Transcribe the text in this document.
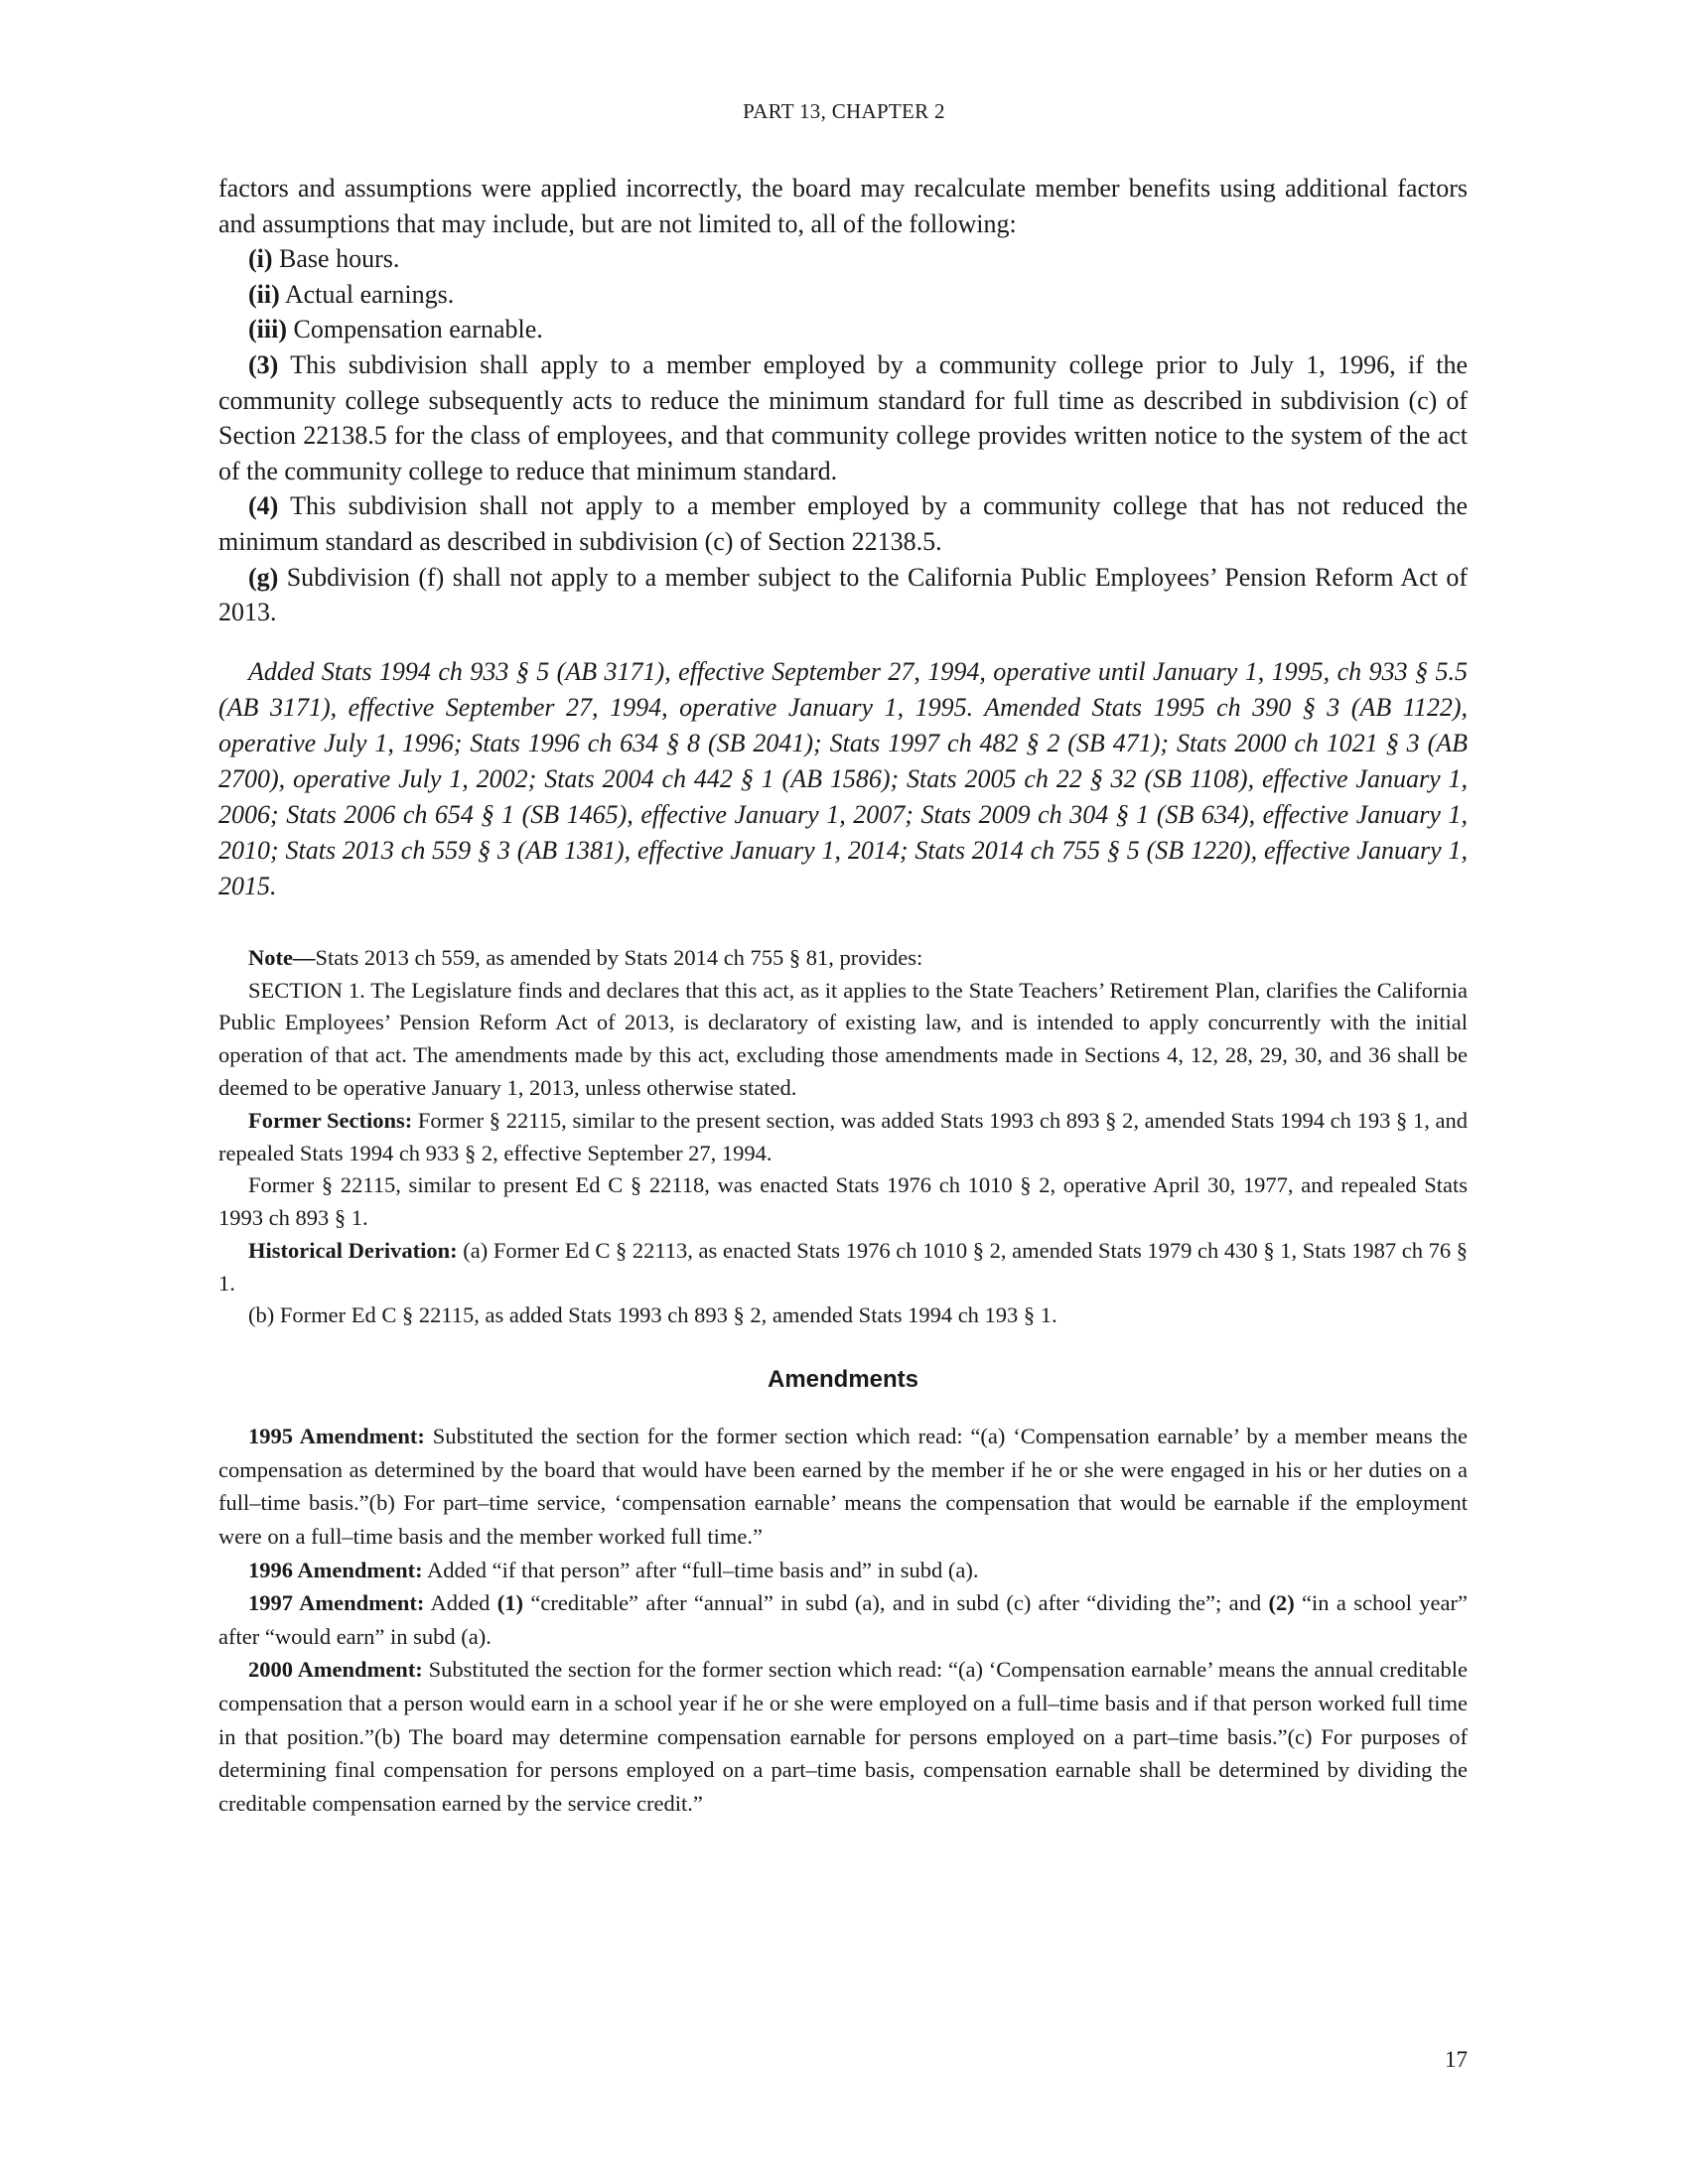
PART 13, CHAPTER 2

factors and assumptions were applied incorrectly, the board may recalculate member benefits using additional factors and assumptions that may include, but are not limited to, all of the following:

(i) Base hours.

(ii) Actual earnings.

(iii) Compensation earnable.

(3) This subdivision shall apply to a member employed by a community college prior to July 1, 1996, if the community college subsequently acts to reduce the minimum standard for full time as described in subdivision (c) of Section 22138.5 for the class of employees, and that community college provides written notice to the system of the act of the community college to reduce that minimum standard.

(4) This subdivision shall not apply to a member employed by a community college that has not reduced the minimum standard as described in subdivision (c) of Section 22138.5.

(g) Subdivision (f) shall not apply to a member subject to the California Public Employees’ Pension Reform Act of 2013.

Added Stats 1994 ch 933 § 5 (AB 3171), effective September 27, 1994, operative until January 1, 1995, ch 933 § 5.5 (AB 3171), effective September 27, 1994, operative January 1, 1995. Amended Stats 1995 ch 390 § 3 (AB 1122), operative July 1, 1996; Stats 1996 ch 634 § 8 (SB 2041); Stats 1997 ch 482 § 2 (SB 471); Stats 2000 ch 1021 § 3 (AB 2700), operative July 1, 2002; Stats 2004 ch 442 § 1 (AB 1586); Stats 2005 ch 22 § 32 (SB 1108), effective January 1, 2006; Stats 2006 ch 654 § 1 (SB 1465), effective January 1, 2007; Stats 2009 ch 304 § 1 (SB 634), effective January 1, 2010; Stats 2013 ch 559 § 3 (AB 1381), effective January 1, 2014; Stats 2014 ch 755 § 5 (SB 1220), effective January 1, 2015.

Note—Stats 2013 ch 559, as amended by Stats 2014 ch 755 § 81, provides:

SECTION 1. The Legislature finds and declares that this act, as it applies to the State Teachers’ Retirement Plan, clarifies the California Public Employees’ Pension Reform Act of 2013, is declaratory of existing law, and is intended to apply concurrently with the initial operation of that act. The amendments made by this act, excluding those amendments made in Sections 4, 12, 28, 29, 30, and 36 shall be deemed to be operative January 1, 2013, unless otherwise stated.

Former Sections: Former § 22115, similar to the present section, was added Stats 1993 ch 893 § 2, amended Stats 1994 ch 193 § 1, and repealed Stats 1994 ch 933 § 2, effective September 27, 1994.

Former § 22115, similar to present Ed C § 22118, was enacted Stats 1976 ch 1010 § 2, operative April 30, 1977, and repealed Stats 1993 ch 893 § 1.

Historical Derivation: (a) Former Ed C § 22113, as enacted Stats 1976 ch 1010 § 2, amended Stats 1979 ch 430 § 1, Stats 1987 ch 76 § 1.

(b) Former Ed C § 22115, as added Stats 1993 ch 893 § 2, amended Stats 1994 ch 193 § 1.

Amendments

1995 Amendment: Substituted the section for the former section which read: “(a) ‘Compensation earnable’ by a member means the compensation as determined by the board that would have been earned by the member if he or she were engaged in his or her duties on a full–time basis.”(b) For part–time service, ‘compensation earnable’ means the compensation that would be earnable if the employment were on a full–time basis and the member worked full time.”

1996 Amendment: Added “if that person” after “full–time basis and” in subd (a).

1997 Amendment: Added (1) “creditable” after “annual” in subd (a), and in subd (c) after “dividing the”; and (2) “in a school year” after “would earn” in subd (a).

2000 Amendment: Substituted the section for the former section which read: “(a) ‘Compensation earnable’ means the annual creditable compensation that a person would earn in a school year if he or she were employed on a full–time basis and if that person worked full time in that position.”(b) The board may determine compensation earnable for persons employed on a part–time basis.”(c) For purposes of determining final compensation for persons employed on a part–time basis, compensation earnable shall be determined by dividing the creditable compensation earned by the service credit.”

17
